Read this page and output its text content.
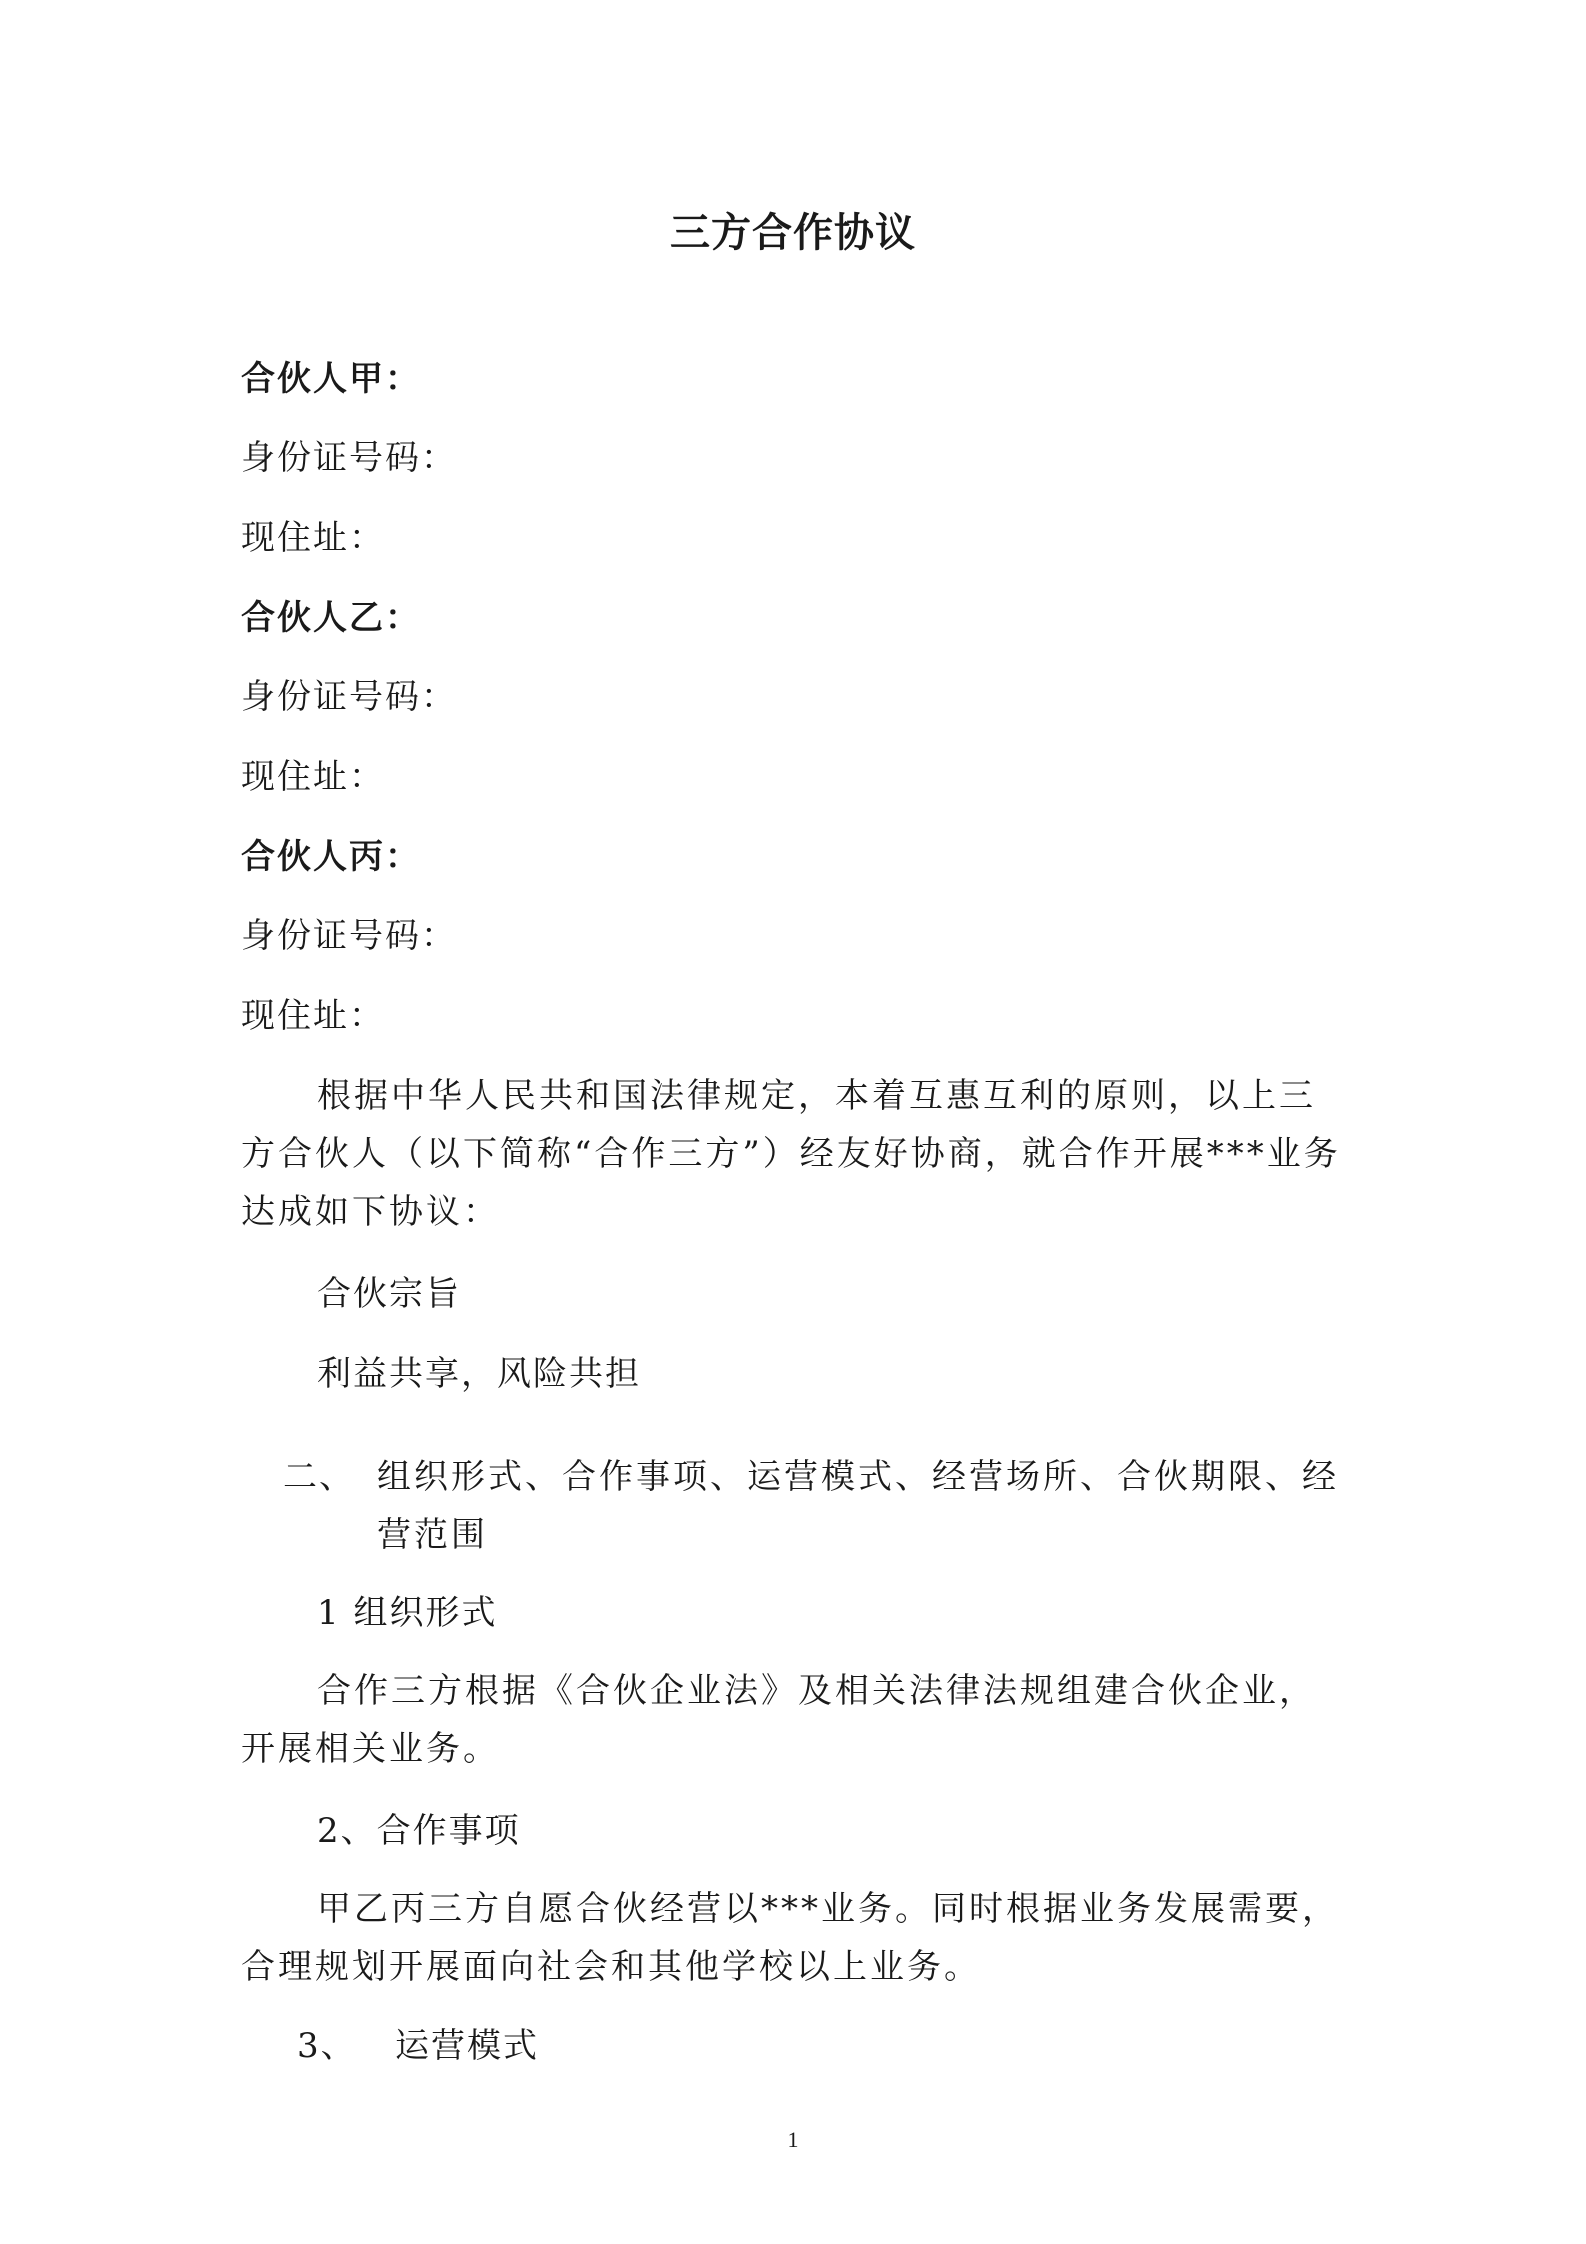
三方合作协议
合伙人甲：
身份证号码：
现住址：
合伙人乙：
身份证号码：
现住址：
合伙人丙：
身份证号码：
现住址：
根据中华人民共和国法律规定，本着互惠互利的原则，以上三方合伙人（以下简称“合作三方”）经友好协商，就合作开展***业务达成如下协议：
合伙宗旨
利益共享，风险共担
二、 组织形式、合作事项、运营模式、经营场所、合伙期限、经营范围
1 组织形式
合作三方根据《合伙企业法》及相关法律法规组建合伙企业，开展相关业务。
2、合作事项
甲乙丙三方自愿合伙经营以***业务。同时根据业务发展需要，合理规划开展面向社会和其他学校以上业务。
3、 运营模式
1
